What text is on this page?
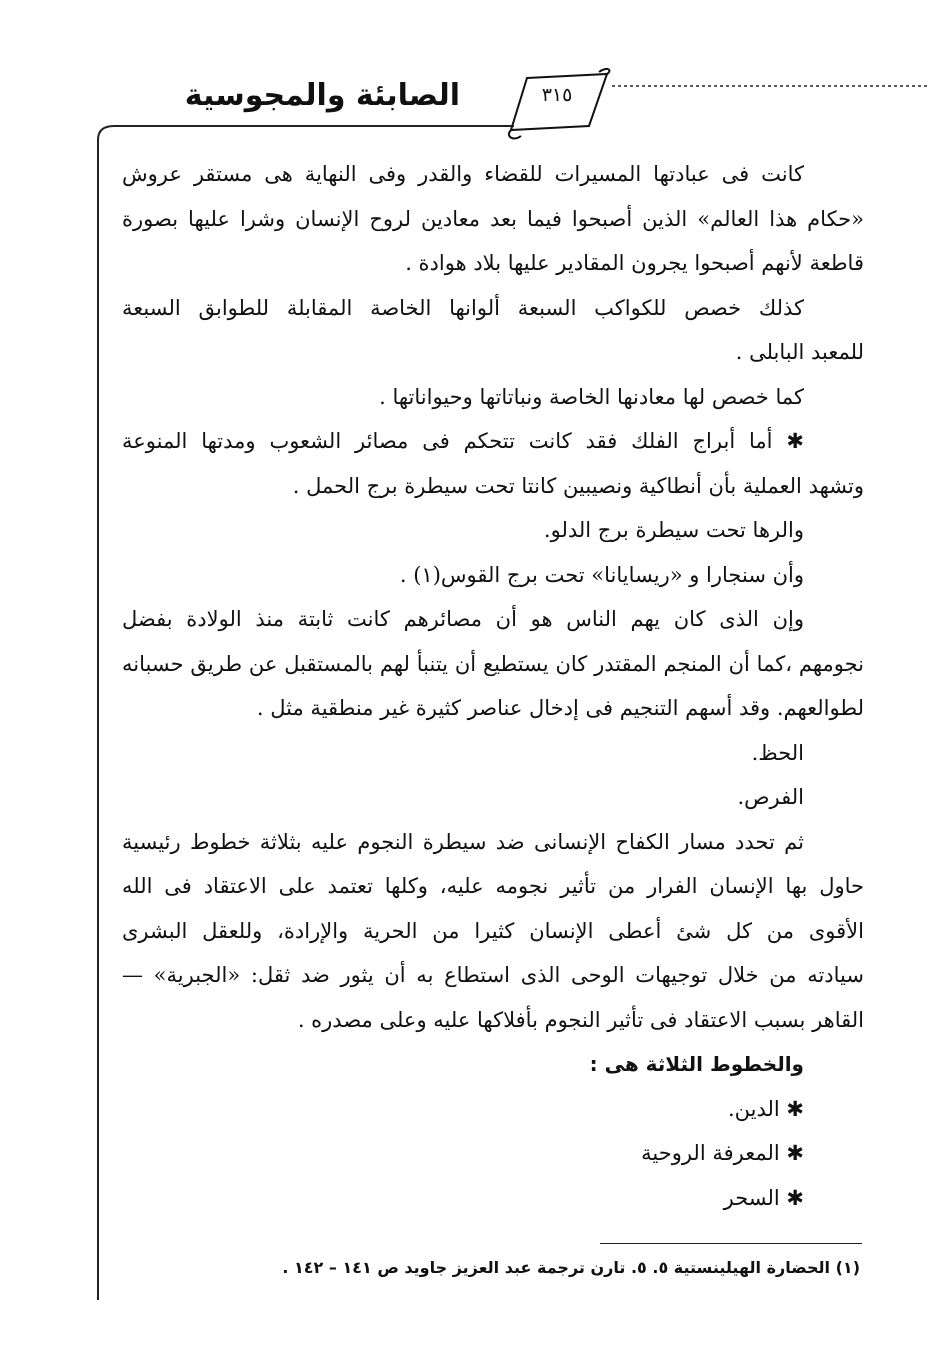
الصابئة والمجوسية	٣١٥
كانت فى عبادتها المسيرات للقضاء والقدر وفى النهاية هى مستقر عروش
«حكام هذا العالم» الذين أصبحوا فيما بعد معادين لروح الإنسان وشرا عليها بصورة
قاطعة لأنهم أصبحوا يجرون المقادير عليها بلاد هوادة .
كذلك خصص للكواكب السبعة ألوانها الخاصة المقابلة للطوابق السبعة
للمعبد البابلى .
كما خصص لها معادنها الخاصة ونباتاتها وحيواناتها .
✱ أما أبراج الفلك فقد كانت تتحكم فى مصائر الشعوب ومدتها المنوعة
وتشهد العملية بأن أنطاكية ونصيبين كانتا تحت سيطرة برج الحمل .
والرها تحت سيطرة برج الدلو.
وأن سنجارا و «ريسايانا» تحت برج القوس(١) .
وإن الذى كان يهم الناس هو أن مصائرهم كانت ثابتة منذ الولادة بفضل
نجومهم ،كما أن المنجم المقتدر كان يستطيع أن يتنبأ لهم بالمستقبل عن طريق حسبانه
لطوالعهم. وقد أسهم التنجيم فى إدخال عناصر كثيرة غير منطقية مثل .
الحظ.
الفرص.
ثم تحدد مسار الكفاح الإنسانى ضد سيطرة النجوم عليه بثلاثة خطوط رئيسية
حاول بها الإنسان الفرار من تأثير نجومه عليه، وكلها تعتمد على الاعتقاد فى الله
الأقوى من كل شئ أعطى الإنسان كثيرا من الحرية والإرادة، وللعقل البشرى
سيادته من خلال توجيهات الوحى الذى استطاع به أن يثور ضد ثقل: «الجبرية» —
القاهر بسبب الاعتقاد فى تأثير النجوم بأفلاكها عليه وعلى مصدره .
والخطوط الثلاثة هى :
✱ الدين.
✱ المعرفة الروحية
✱ السحر
(١) الحضارة الهيلينستية ٥. ٥. تارن ترجمة عبد العزيز جاويد ص ١٤١ – ١٤٢ .
